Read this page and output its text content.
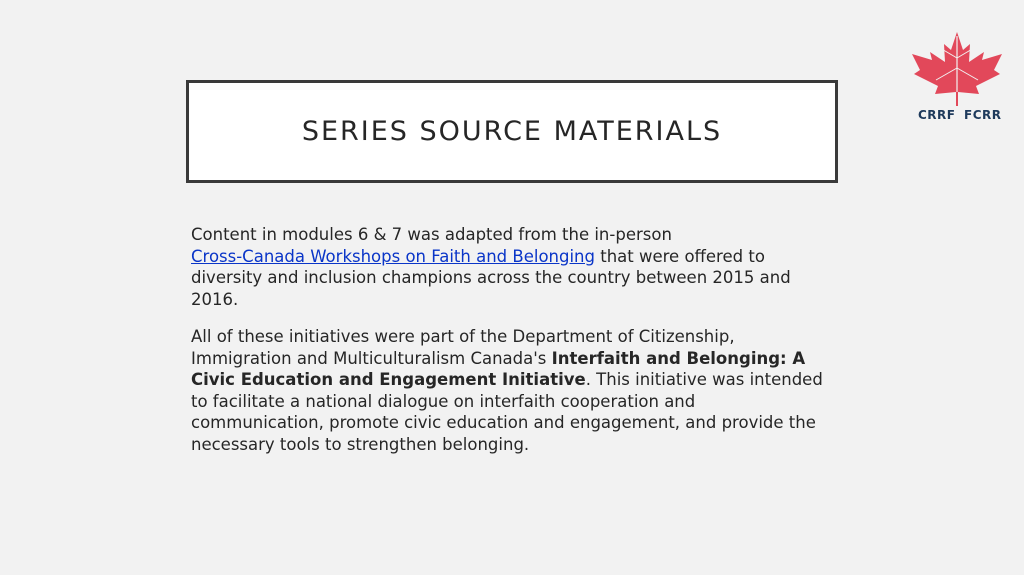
SERIES SOURCE MATERIALS
CRRF FCRR

Content in modules 6 & 7 was adapted from the in-person
Cross-Canada Workshops on Faith and Belonging that were offered to diversity and inclusion champions across the country between 2015 and 2016.

All of these initiatives were part of the Department of Citizenship, Immigration and Multiculturalism Canada's Interfaith and Belonging: A Civic Education and Engagement Initiative. This initiative was intended to facilitate a national dialogue on interfaith cooperation and communication, promote civic education and engagement, and provide the necessary tools to strengthen belonging.
